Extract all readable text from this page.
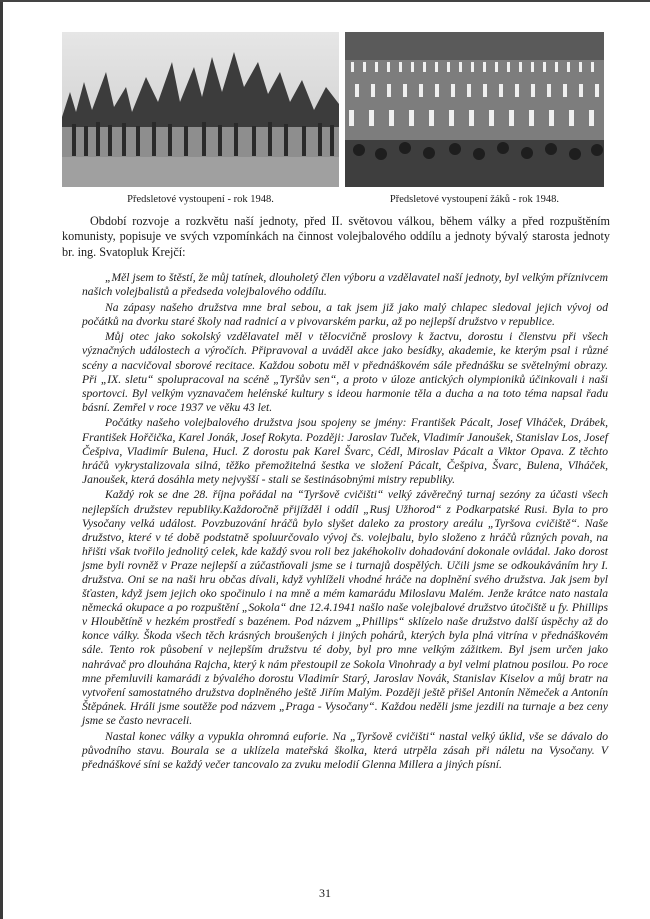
Předsletové vystoupení - rok 1948.	Předsletové vystoupení žáků - rok 1948.

Období rozvoje a rozkvětu naší jednoty, před II. světovou válkou, během války a před rozpuštěním komunisty, popisuje ve svých vzpomínkách na činnost volejbalového oddílu a jednoty bývalý starosta jednoty br. ing. Svatopluk Krejčí:

„Měl jsem to štěstí, že můj tatínek, dlouholetý člen výboru a vzdělavatel naší jednoty, byl velkým příznivcem našich volejbalistů a předseda volejbalového oddílu.

Na zápasy našeho družstva mne bral sebou, a tak jsem již jako malý chlapec sledoval jejich vývoj od počátků na dvorku staré školy nad radnicí a v pivovarském parku, až po nejlepší družstvo v republice.

Můj otec jako sokolský vzdělavatel měl v tělocvičně proslovy k žactvu, dorostu i členstvu při všech význačných událostech a výročích. Připravoval a uváděl akce jako besídky, akademie, ke kterým psal i různé scény a nacvičoval sborové recitace. Každou sobotu měl v přednáškovém sále přednášku se světelnými obrazy. Při „IX. sletu“ spolupracoval na scéně „Tyršův sen“, a proto v úloze antických olympioniků účinkovali i naši sportovci. Byl velkým vyznavačem helénské kultury s ideou harmonie těla a ducha a na toto téma napsal řadu básní. Zemřel v roce 1937 ve věku 43 let.

Počátky našeho volejbalového družstva jsou spojeny se jmény: František Pácalt, Josef Vlháček, Drábek, František Hořčička, Karel Jonák, Josef Rokyta. Později: Jaroslav Tuček, Vladimír Janoušek, Stanislav Los, Josef Češpiva, Vladimír Bulena, Hucl. Z dorostu pak Karel Švarc, Cédl, Miroslav Pácalt a Viktor Opava. Z těchto hráčů vykrystalizovala silná, těžko přemožitelná šestka ve složení Pácalt, Češpiva, Švarc, Bulena, Vlháček, Janoušek, která dosáhla mety nejvyšší - stali se šestinásobnými mistry republiky.

Každý rok se dne 28. října pořádal na “Tyršově cvičišti“ velký závěrečný turnaj sezóny za účasti všech nejlepších družstev republiky.Každoročně přijížděl i oddíl „Rusj Užhorod“ z Podkarpatské Rusi. Byla to pro Vysočany velká událost. Povzbuzování hráčů bylo slyšet daleko za prostory areálu „Tyršova cvičiště“. Naše družstvo, které v té době podstatně spoluurčovalo vývoj čs. volejbalu, bylo složeno z hráčů různých povah, na hřišti však tvořilo jednolitý celek, kde každý svou roli bez jakéhokoliv dohadování dokonale ovládal. Jako dorost jsme byli rovněž v Praze nejlepší a zúčastňovali jsme se i turnajů dospělých. Učili jsme se odkoukáváním hry I. družstva. Oni se na naši hru občas dívali, když vyhlíželi vhodné hráče na doplnění svého družstva. Jak jsem byl šťasten, když jsem jejich oko spočinulo i na mně a mém kamarádu Miloslavu Malém. Jenže krátce nato nastala německá okupace a po rozpuštění „Sokola“ dne 12.4.1941 našlo naše volejbalové družstvo útočiště u fy. Phillips v Hloubětíně v hezkém prostředí s bazénem. Pod názvem „Phillips“ sklízelo naše družstvo další úspěchy až do konce války. Škoda všech těch krásných broušených i jiných pohárů, kterých byla plná vitrína v přednáškovém sále. Tento rok působení v nejlepším družstvu té doby, byl pro mne velkým zážitkem. Byl jsem určen jako nahrávač pro dlouhána Rajcha, který k nám přestoupil ze Sokola Vinohrady a byl velmi platnou posilou. Po roce mne přemluvili kamarádi z bývalého dorostu Vladimír Starý, Jaroslav Novák, Stanislav Kiselov a můj bratr na vytvoření samostatného družstva doplněného ještě Jiřím Malým. Později ještě přišel Antonín Němeček a Antonín Štěpánek. Hráli jsme soutěže pod názvem „Praga - Vysočany“. Každou neděli jsme jezdili na turnaje a bez ceny jsme se často nevraceli.

Nastal konec války a vypukla ohromná euforie. Na „Tyršově cvičišti“ nastal velký úklid, vše se dávalo do původního stavu. Bourala se a uklízela mateřská školka, která utrpěla zásah při náletu na Vysočany. V přednáškové síni se každý večer tancovalo za zvuku melodií Glenna Millera a jiných písní.

31
